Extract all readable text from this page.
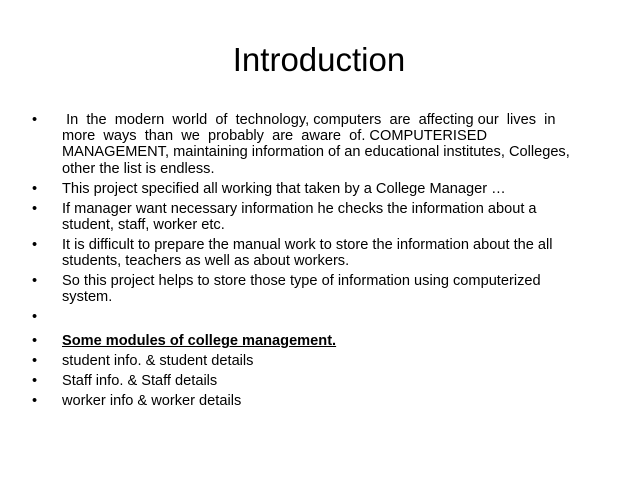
Introduction
• In  the  modern  world  of  technology, computers  are  affecting our  lives  in  more  ways  than  we  probably  are  aware  of. COMPUTERISED MANAGEMENT, maintaining information of an educational institutes, Colleges, other the list is endless.
• This project specified all working that taken by a College Manager …
• If manager want necessary information he checks the information about a student, staff, worker etc.
• It is difficult to prepare the manual work to store the information about the all students, teachers as well as about workers.
• So this project helps to store those type of information using computerized system.
•
• Some modules of college management.
• student info. & student details
• Staff info. & Staff details
• worker info & worker details
